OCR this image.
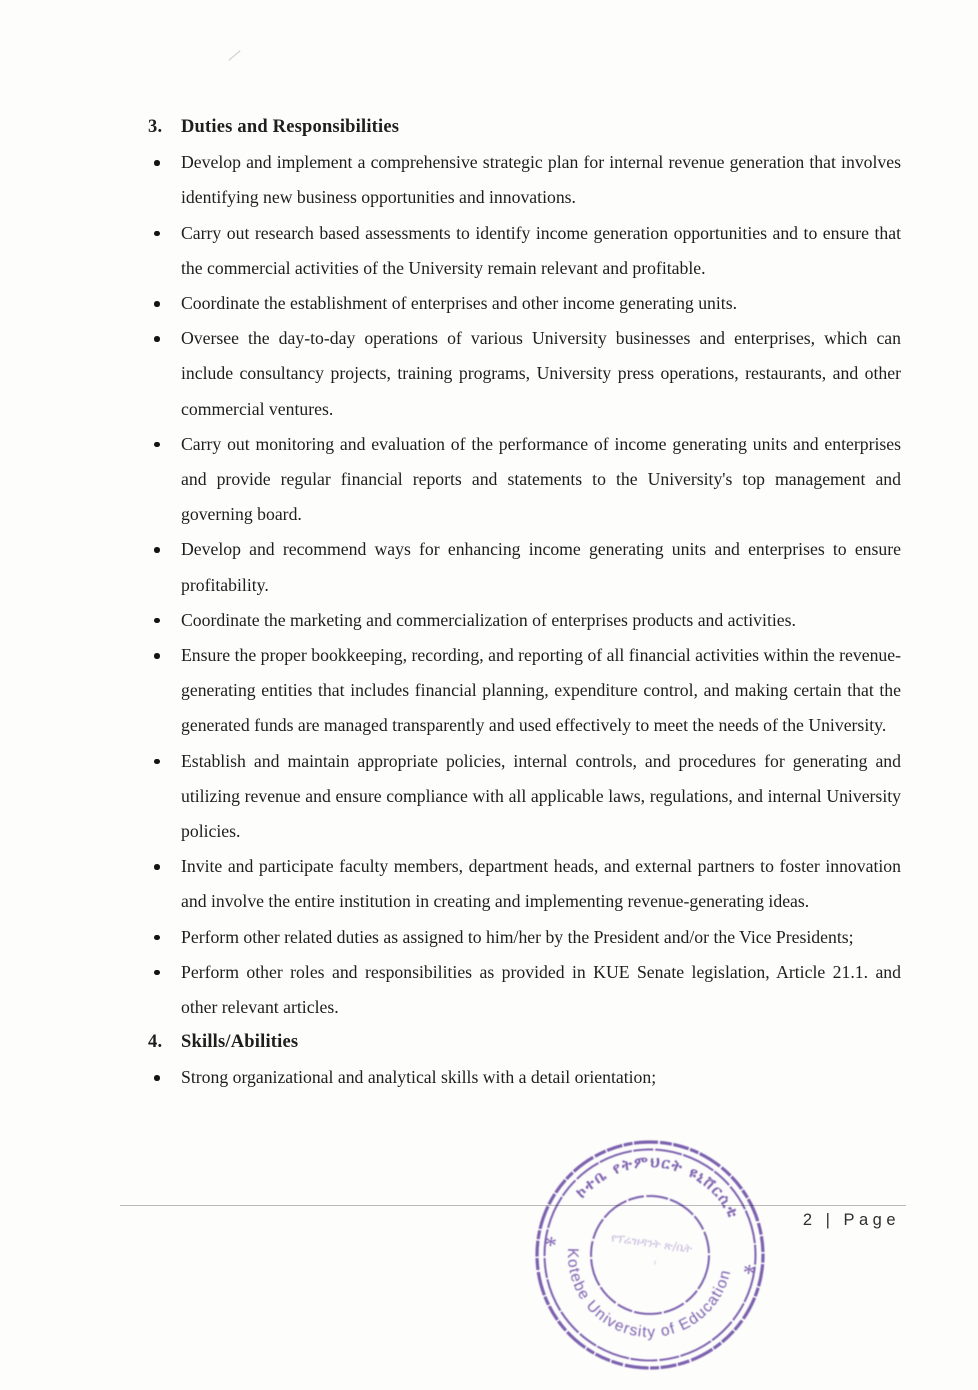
3.	Duties and Responsibilities
Develop and implement a comprehensive strategic plan for internal revenue generation that involves identifying new business opportunities and innovations.
Carry out research based assessments to identify income generation opportunities and to ensure that the commercial activities of the University remain relevant and profitable.
Coordinate the establishment of enterprises and other income generating units.
Oversee the day-to-day operations of various University businesses and enterprises, which can include consultancy projects, training programs, University press operations, restaurants, and other commercial ventures.
Carry out monitoring and evaluation of the performance of income generating units and enterprises and provide regular financial reports and statements to the University's top management and governing board.
Develop and recommend ways for enhancing income generating units and enterprises to ensure profitability.
Coordinate the marketing and commercialization of enterprises products and activities.
Ensure the proper bookkeeping, recording, and reporting of all financial activities within the revenue-generating entities that includes financial planning, expenditure control, and making certain that the generated funds are managed transparently and used effectively to meet the needs of the University.
Establish and maintain appropriate policies, internal controls, and procedures for generating and utilizing revenue and ensure compliance with all applicable laws, regulations, and internal University policies.
Invite and participate faculty members, department heads, and external partners to foster innovation and involve the entire institution in creating and implementing revenue-generating ideas.
Perform other related duties as assigned to him/her by the President and/or the Vice Presidents;
Perform other roles and responsibilities as provided in KUE Senate legislation, Article 21.1. and other relevant articles.
4.	Skills/Abilities
Strong organizational and analytical skills with a detail orientation;
2 | Page
ኮተቤ የትምህርት ዩኒቨርሲቲ
Kotebe University of Education
*
*
የፕሬዝዳንት ጽ/ቤት
፡
